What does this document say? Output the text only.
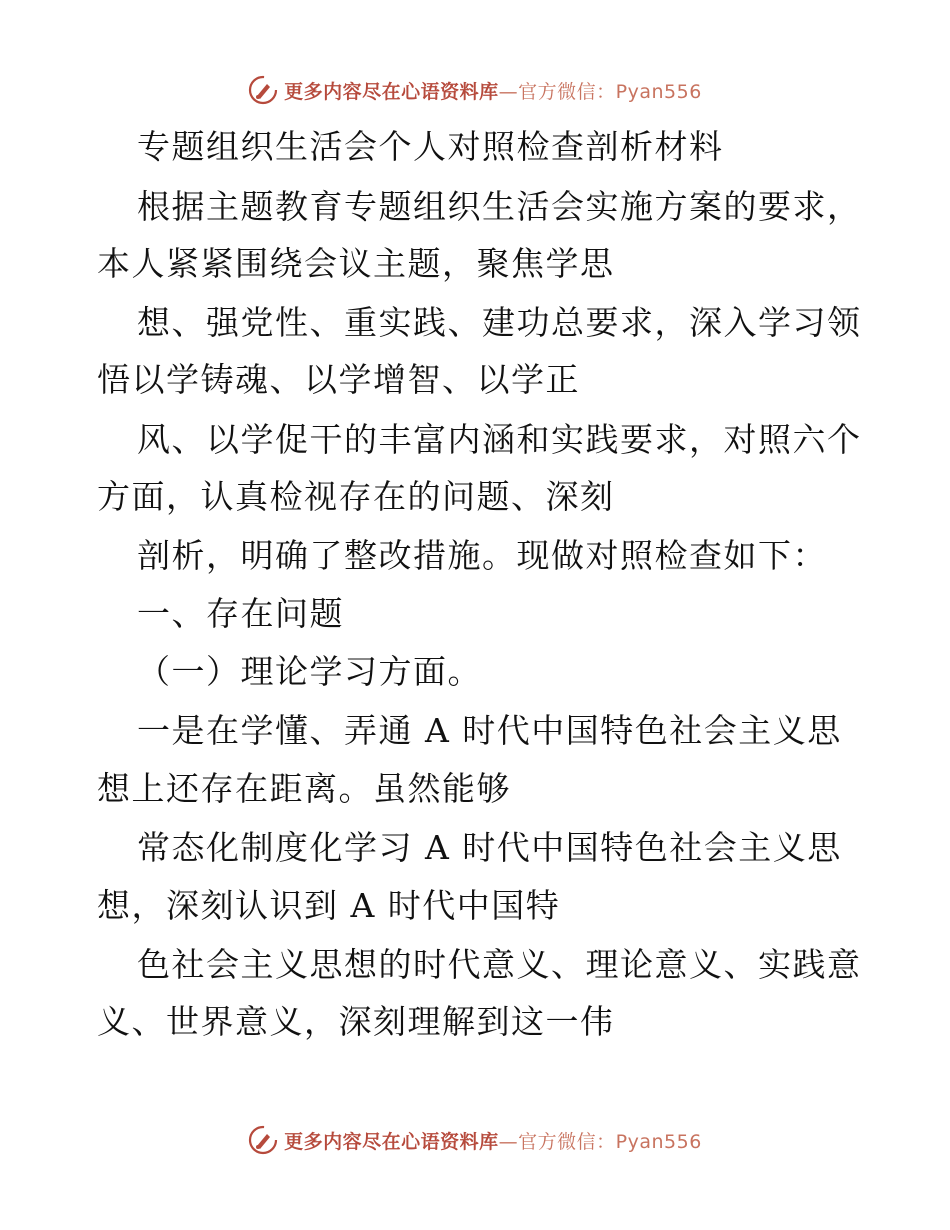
更多内容尽在心语资料库—官方微信：Pyan556
专题组织生活会个人对照检查剖析材料
根据主题教育专题组织生活会实施方案的要求，
本人紧紧围绕会议主题，聚焦学思
想、强党性、重实践、建功总要求，深入学习领
悟以学铸魂、以学增智、以学正
风、以学促干的丰富内涵和实践要求，对照六个
方面，认真检视存在的问题、深刻
剖析，明确了整改措施。现做对照检查如下：
一、存在问题
（一）理论学习方面。
一是在学懂、弄通 A 时代中国特色社会主义思
想上还存在距离。虽然能够
常态化制度化学习 A 时代中国特色社会主义思
想，深刻认识到 A 时代中国特
色社会主义思想的时代意义、理论意义、实践意
义、世界意义，深刻理解到这一伟
更多内容尽在心语资料库—官方微信：Pyan556
